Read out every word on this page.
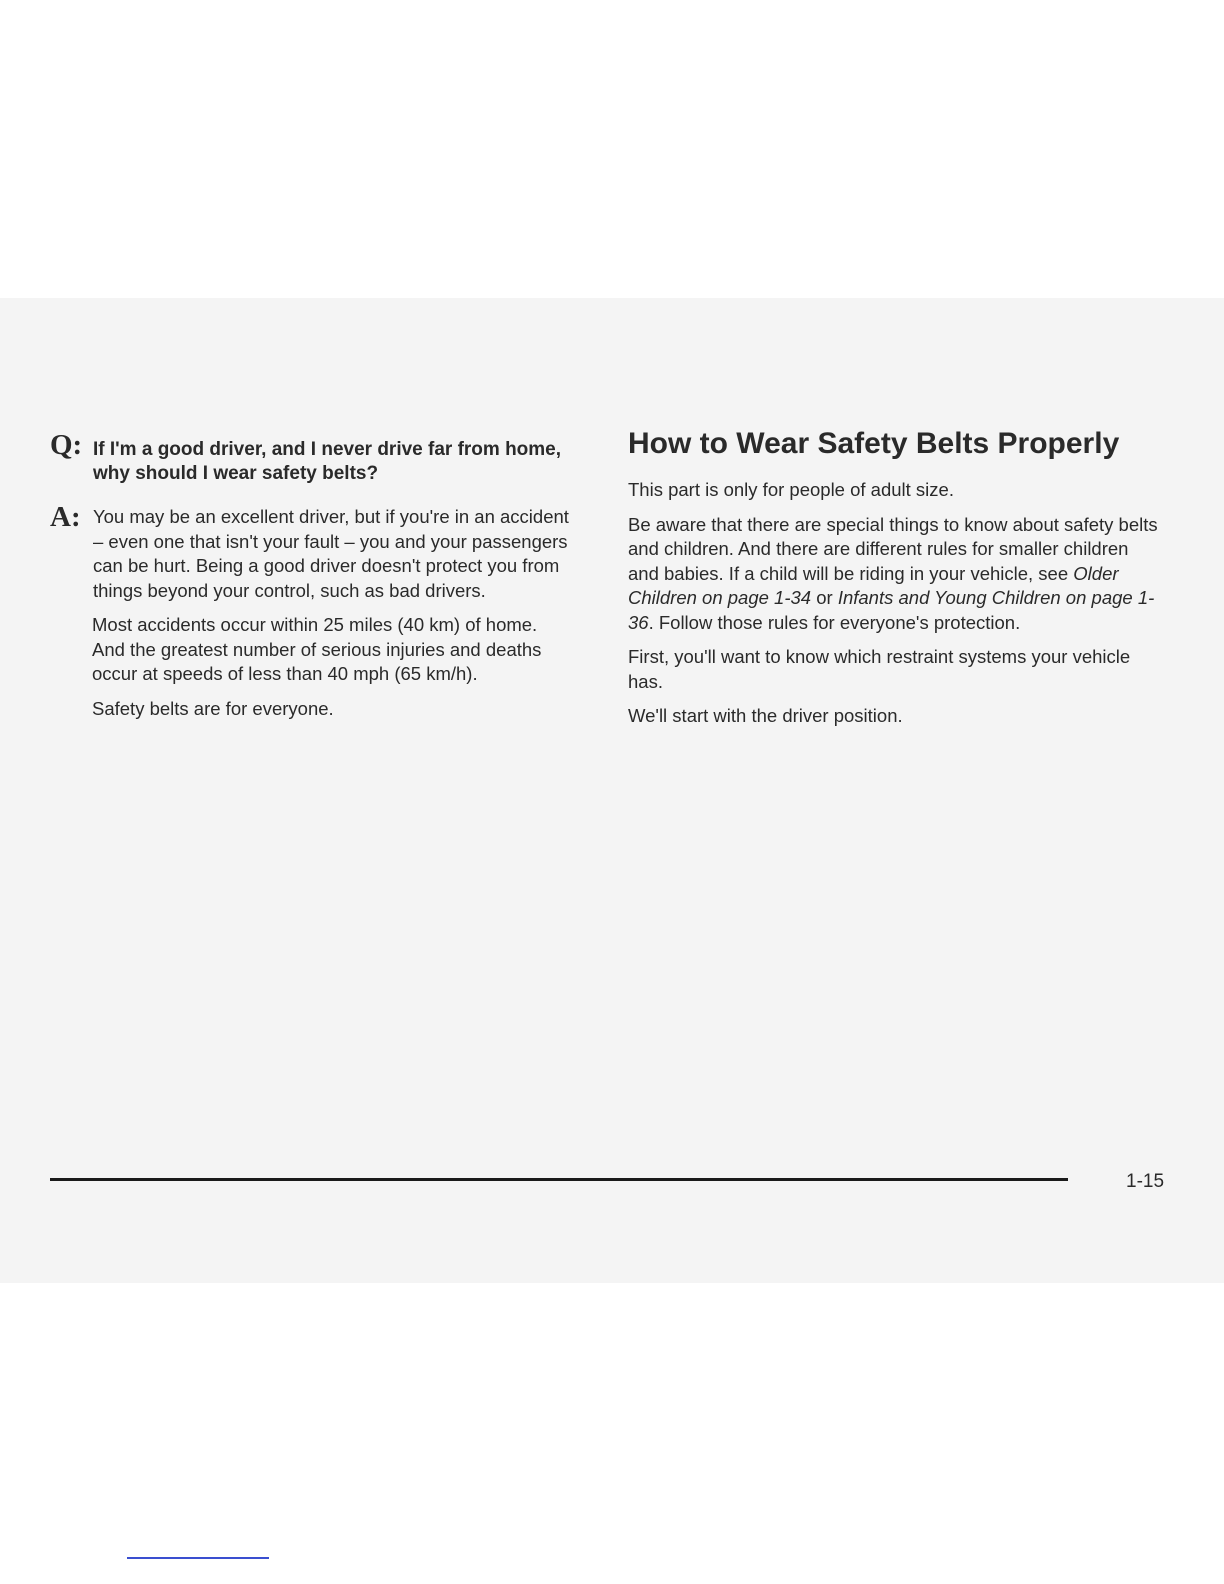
Q: If I'm a good driver, and I never drive far from home, why should I wear safety belts?
A: You may be an excellent driver, but if you're in an accident – even one that isn't your fault – you and your passengers can be hurt. Being a good driver doesn't protect you from things beyond your control, such as bad drivers.

Most accidents occur within 25 miles (40 km) of home. And the greatest number of serious injuries and deaths occur at speeds of less than 40 mph (65 km/h).

Safety belts are for everyone.

How to Wear Safety Belts Properly

This part is only for people of adult size.

Be aware that there are special things to know about safety belts and children. And there are different rules for smaller children and babies. If a child will be riding in your vehicle, see Older Children on page 1-34 or Infants and Young Children on page 1-36. Follow those rules for everyone's protection.

First, you'll want to know which restraint systems your vehicle has.

We'll start with the driver position.

1-15
